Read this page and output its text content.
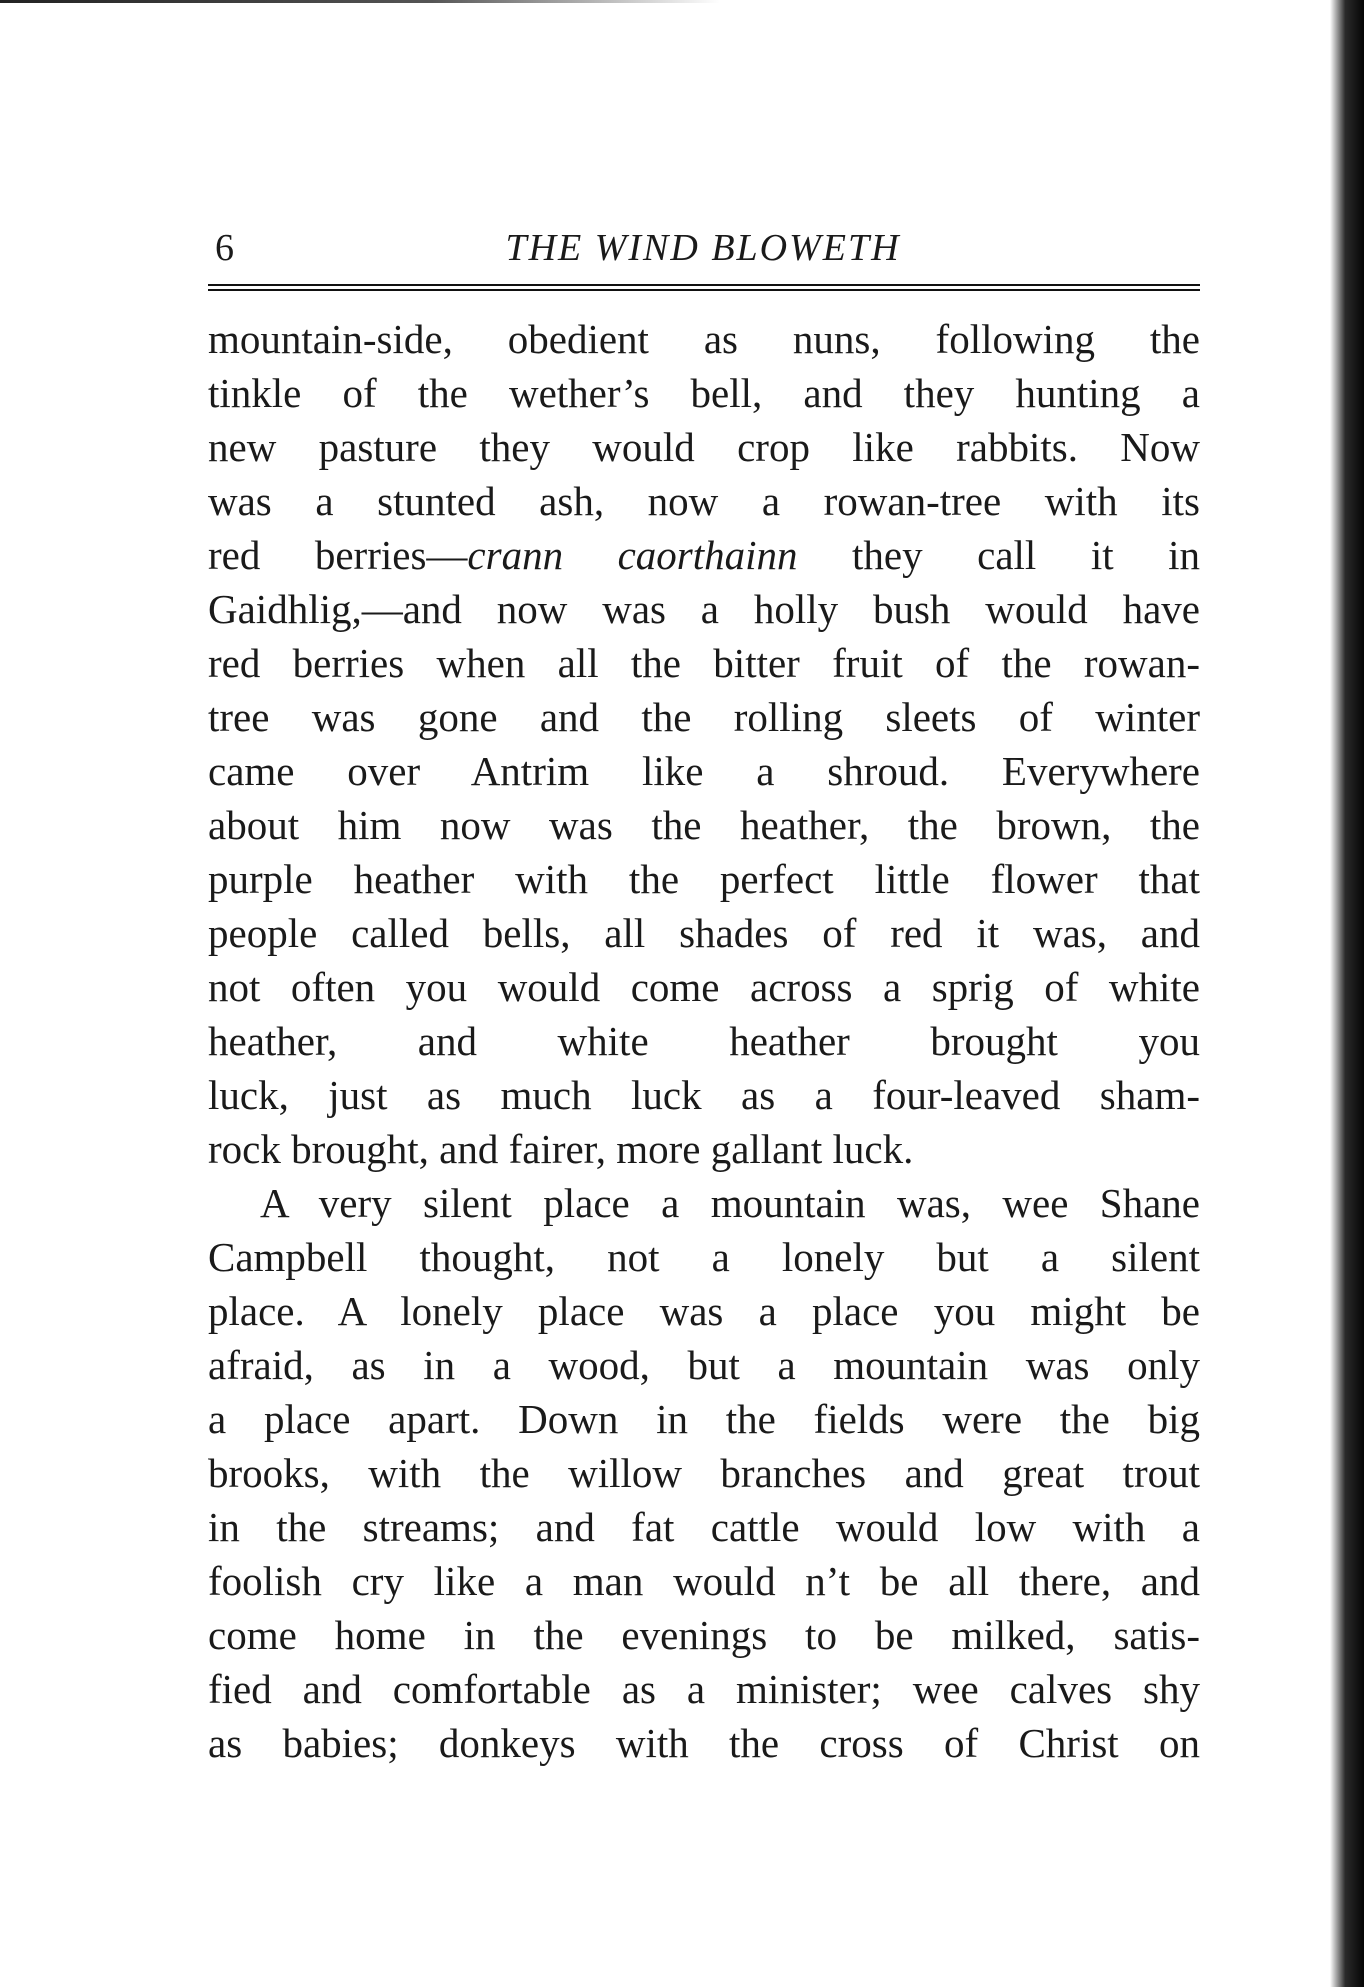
6	THE WIND BLOWETH
mountain-side, obedient as nuns, following the
tinkle of the wether’s bell, and they hunting a
new pasture they would crop like rabbits. Now
was a stunted ash, now a rowan-tree with its
red berries—crann caorthainn they call it in
Gaidhlig,—and now was a holly bush would have
red berries when all the bitter fruit of the rowan-
tree was gone and the rolling sleets of winter
came over Antrim like a shroud. Everywhere
about him now was the heather, the brown, the
purple heather with the perfect little flower that
people called bells, all shades of red it was, and
not often you would come across a sprig of white
heather, and white heather brought you
luck, just as much luck as a four-leaved sham-
rock brought, and fairer, more gallant luck.
A very silent place a mountain was, wee Shane
Campbell thought, not a lonely but a silent
place. A lonely place was a place you might be
afraid, as in a wood, but a mountain was only
a place apart. Down in the fields were the big
brooks, with the willow branches and great trout
in the streams; and fat cattle would low with a
foolish cry like a man would n’t be all there, and
come home in the evenings to be milked, satis-
fied and comfortable as a minister; wee calves shy
as babies; donkeys with the cross of Christ on
